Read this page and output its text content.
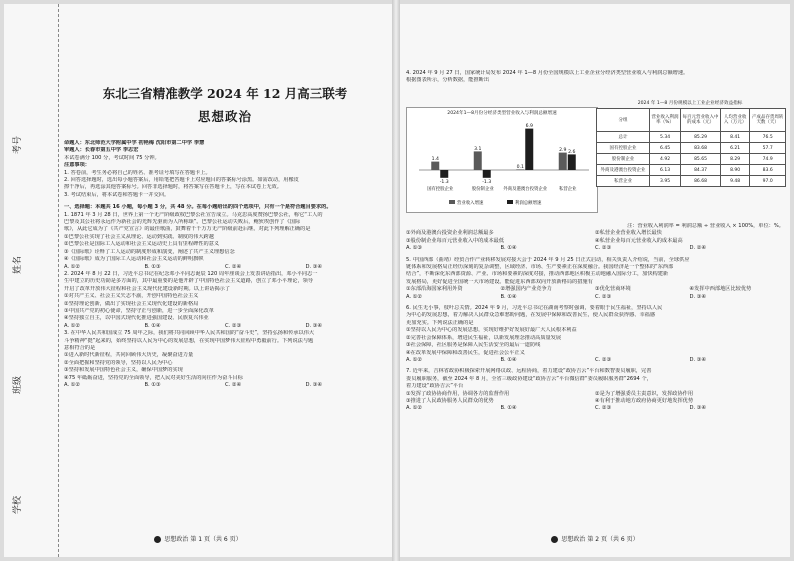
考号
姓名
班级
学校
东北三省精准教学 2024 年 12 月高三联考
思想政治
命题人：东北师范大学附属中学 初艳梅 沈阳市第二中学 李慧
审题人：长春市第五中学 李志宏
本试卷满分 100 分，考试时间 75 分钟。
注意事项：
1. 答卷前，考生务必将自己的姓名、准考证号填写在答题卡上。
2. 回答选择题时，选出每小题答案后，用铅笔把答题卡上对应题目的答案标号涂黑。如需改动，用橡皮
擦干净后，再选涂其他答案标号。回答非选择题时，将答案写在答题卡上，写在本试卷上无效。
3. 考试结束后，将本试卷和答题卡一并交回。
一、选择题：本题共 16 小题，每小题 3 分，共 48 分。在每小题给出的四个选项中，只有一个是符合题目要求的。
1. 1871 年 3 月 28 日，世界上第一个无产阶级政权巴黎公社宣告成立。马克思高度赞扬巴黎公社，称它“工人的
巴黎及其公社将永远作为新社会的光辉先驱而为人所称颂”。巴黎公社运动失败后，鲍狄埃创作了《国际
歌》，从此它成为了《共产党宣言》的最佳歌曲，鼓舞着千千万万无产阶级前赴后继。对此下列理解正确的是
①巴黎公社实现了社会主义从理论、运动到实践、制度的伟大跨越
②巴黎公社是国际工人运动和社会主义运动史上具有里程碑性的意义
③《国际歌》诠释了工人运动的制度形成和演变，阐述了共产主义理想信念
④《国际歌》成为了国际工人运动和社会主义运动的鲜明旗帜
A. ①②	B. ①③	C. ②④	D. ③④
2. 2024 年 8 月 22 日，习近平总书记在纪念邓小平同志诞辰 120 周年座谈会上发表讲话指出，邓小平同志一
生中建立的历史功勋是多方面的，其中最重要的是他开辟了中国特色社会主义道路，创立了邓小平理论，领导
开启了改革开放伟大征程和社会主义现代化建设新时期。以上讲话揭示了
①对共产主义、社会主义矢志不渝，开创中国特色社会主义
②坚持理论创新，做出了实现社会主义现代化建设的新格局
③中国共产党的初心使命，坚持守正与创新，进一步全面深化改革
④坚持独立自主，以中国式现代化推进强国建设、民族复兴伟业
A. ①②	B. ①④	C. ②③	D. ③④
3. 在中华人民共和国成立 75 周年之际，我们将共同回顾中华人民共和国的“奋斗史”，坚持弘扬和传承以伟大
斗争精神“挺”起来的，始终坚持以人民为中心的发展思想，在实现中国梦伟大征程中勇毅前行。下列说法与题
意相符合的是
①进入新时代新征程，共同回顾伟大历史，凝聚奋进力量
②全面把握和坚持党的领导，坚持以人民为中心
③坚持和发展中国特色社会主义，确保中国梦的实现
④75 年砥砺奋进，坚持党的全面领导，把人民对美好生活的向往作为奋斗目标
A. ①②	B. ①③	C. ②④	D. ③④
思想政治 第 1 页（共 6 页）
4. 2024 年 9 月 27 日，国家统计局发布 2024 年 1—8 月份全国规模以上工业企业分经济类型营业收入与利润总额增速。
根据图表所示，分析数据，能推断出
2024年1—8月份分经济类型营业收入与利润总额增速
1.4
-1.3
国有控股企业
3.1
-1.3
股份制企业
0.1
6.9
外商及港澳台投资企业
2.9 2.6
私营企业
营业收入增速	利润总额增速
2024 年 1—8 月份规模以上工业企业经济效益指标
分组	营业收入利润率（%）	每百元营业收入中的成本（元）	人均营业收入（万元）	产成品存货周转天数（天）
总计	5.34	85.29	8.41	76.5
国有控股企业	6.45	83.68	6.21	57.7
股份制企业	4.92	85.65	8.29	74.9
外商及港澳台投资企业	6.13	84.37	8.90	83.6
私营企业	3.95	86.68	9.48	97.0
注：营业收入利润率 = 利润总额 ÷ 营业收入 × 100%，单位：%。
①外商及港澳台投资企业利润总额最多	②私营企业营业收入增长最快
③股份制企业每百元营业收入中的成本最低	④私营企业每百元营业收入的成本最高
A. ①③	B. ①④	C. ②③	D. ②④
5. 中国西部（曲靖）经贸合作产业转移发展对接大会于 2024 年 9 月 25 日正式启动，相关负责人介绍说，当前，全球供应
链体系和发展格局正经历深刻的复杂调整，区域经济、市场、生产要素正在深度融合。我国经济是一个整体的“东西部
结合”，不断深化东西部资源、产业、市场和要素的深度对接，推动西部地区积极主动地融入国际分工，加快构建新
发展格局，更好促进全国统一大市场建设。能促进东西部双向开放新格局的措施有
①东部沿海国家利用外资	②增强国内产业竞争力	③优化营商环境	④发挥中西部地区比较优势
A. ①②	B. ①④	C. ②③	D. ③④
6. 民生无小事，枝叶总关情。2024 年 9 月，习近平总书记在湖南考察时强调，要着眼于民生福祉，坚持以人民
为中心的发展思想，着力解决人民群众急难愁盼问题，在发展中保障和改善民生，使人民群众获得感、幸福感
更加充实。下列说法正确的是
①坚持以人民为中心的发展思想，实现好维护好发展好最广大人民根本利益
②完善社会保障体系，增进民生福祉，以新发展理念推动高质量发展
③社会保障，社区服务是保障人民生活安全的最后一道防线
④在改革发展中保障和改善民生，促进社会公平正义
A. ①②	B. ①④	C. ②③	D. ③④
7. 近年来，吉林省政协积极探索开展网络议政、远程协商，着力建设“政协吉云”平台和数智委员履职，完善
委员履职服务，截至 2024 年 8 月，全省三级政协建设“政协吉云”平台微信群“委员履职服务群”2694 个，
着力建设“政协吉云”平台
①发挥了政协协商作用，协调各方的监督作用	②是为了增强委员主责意识，发挥政协作用
③推进了人民政协服务人民群众的优势	④有利于推动地方政府协商更好地发挥优势
A. ①②	B. ①④	C. ②③	D. ③④
思想政治 第 2 页（共 6 页）
